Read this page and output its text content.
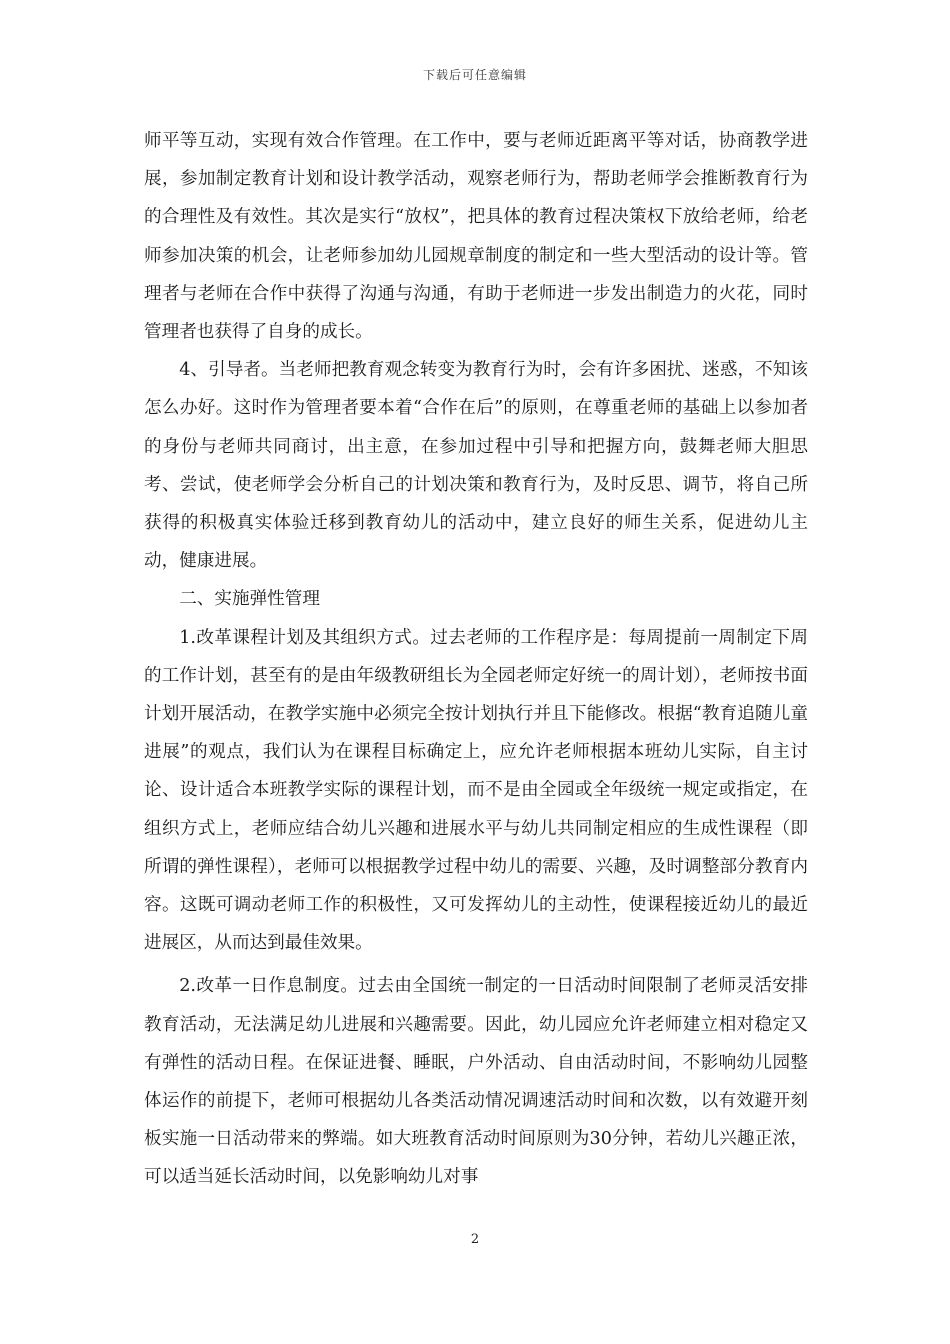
下载后可任意编辑

师平等互动，实现有效合作管理。在工作中，要与老师近距离平等对话，协商教学进展，参加制定教育计划和设计教学活动，观察老师行为，帮助老师学会推断教育行为的合理性及有效性。其次是实行“放权”，把具体的教育过程决策权下放给老师，给老师参加决策的机会，让老师参加幼儿园规章制度的制定和一些大型活动的设计等。管理者与老师在合作中获得了沟通与沟通，有助于老师进一步发出制造力的火花，同时管理者也获得了自身的成长。

4、引导者。当老师把教育观念转变为教育行为时，会有许多困扰、迷惑，不知该怎么办好。这时作为管理者要本着“合作在后”的原则，在尊重老师的基础上以参加者的身份与老师共同商讨，出主意，在参加过程中引导和把握方向，鼓舞老师大胆思考、尝试，使老师学会分析自己的计划决策和教育行为，及时反思、调节，将自己所获得的积极真实体验迁移到教育幼儿的活动中，建立良好的师生关系，促进幼儿主动，健康进展。

二、实施弹性管理

1.改革课程计划及其组织方式。过去老师的工作程序是：每周提前一周制定下周的工作计划，甚至有的是由年级教研组长为全园老师定好统一的周计划），老师按书面计划开展活动，在教学实施中必须完全按计划执行并且下能修改。根据“教育追随儿童进展”的观点，我们认为在课程目标确定上，应允许老师根据本班幼儿实际，自主讨论、设计适合本班教学实际的课程计划，而不是由全园或全年级统一规定或指定，在组织方式上，老师应结合幼儿兴趣和进展水平与幼儿共同制定相应的生成性课程（即所谓的弹性课程），老师可以根据教学过程中幼儿的需要、兴趣，及时调整部分教育内容。这既可调动老师工作的积极性，又可发挥幼儿的主动性，使课程接近幼儿的最近进展区，从而达到最佳效果。

2.改革一日作息制度。过去由全国统一制定的一日活动时间限制了老师灵活安排教育活动，无法满足幼儿进展和兴趣需要。因此，幼儿园应允许老师建立相对稳定又有弹性的活动日程。在保证进餐、睡眠，户外活动、自由活动时间，不影响幼儿园整体运作的前提下，老师可根据幼儿各类活动情况调速活动时间和次数，以有效避开刻板实施一日活动带来的弊端。如大班教育活动时间原则为30分钟，若幼儿兴趣正浓，可以适当延长活动时间，以免影响幼儿对事

2
